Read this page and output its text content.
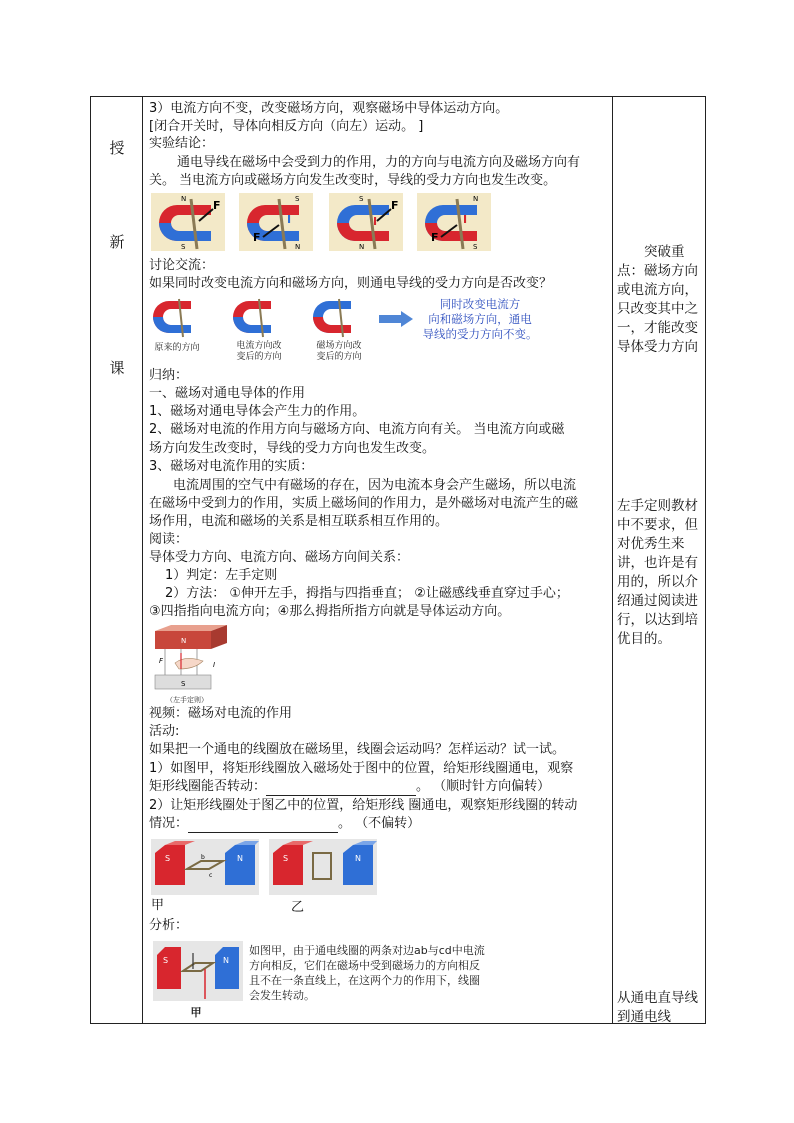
授
新
课
3）电流方向不变，改变磁场方向，观察磁场中导体运动方向。
[闭合开关时，导体向相反方向（向左）运动。 ]
实验结论：
通电导线在磁场中会受到力的作用，力的方向与电流方向及磁场方向有
关。 当电流方向或磁场方向发生改变时，导线的受力方向也发生改变。
F
N
S
F
I
S
N
F
I
S
N
F
I
N
S
讨论交流：
如果同时改变电流方向和磁场方向，则通电导线的受力方向是否改变？
原来的方向	电流方向改
变后的方向
磁场方向改
变后的方向
同时改变电流方
向和磁场方向，通电
导线的受力方向不变。
归纳：
一、磁场对通电导体的作用
1、磁场对通电导体会产生力的作用。
2、磁场对电流的作用方向与磁场方向、电流方向有关。 当电流方向或磁
场方向发生改变时，导线的受力方向也发生改变。
3、磁场对电流作用的实质：
电流周围的空气中有磁场的存在，因为电流本身会产生磁场，所以电流
在磁场中受到力的作用，实质上磁场间的作用力，是外磁场对电流产生的磁
场作用，电流和磁场的关系是相互联系相互作用的。
阅读：
导体受力方向、电流方向、磁场方向间关系：
1）判定：左手定则
2）方法： ①伸开左手，拇指与四指垂直； ②让磁感线垂直穿过手心；
③四指指向电流方向；④那么拇指所指方向就是导体运动方向。
N
S
F	I
（左手定则）
视频：磁场对电流的作用
活动:
如果把一个通电的线圈放在磁场里，线圈会运动吗？怎样运动？试一试。
1）如图甲，将矩形线圈放入磁场处于图中的位置，给矩形线圈通电，观察
矩形线圈能否转动：	。 （顺时针方向偏转）
2）让矩形线圈处于图乙中的位置，给矩形线 圈通电，观察矩形线圈的转动
情况：	。 （不偏转）
S	N
b
c
S	N
甲	乙
分析：
S	N
甲
如图甲，由于通电线圈的两条对边ab与cd中电流
方向相反，它们在磁场中受到磁场力的方向相反
且不在一条直线上，在这两个力的作用下，线圈
会发生转动。
突破重点：磁场方向或电流方向，只改变其中之一，才能改变导体受力方向
左手定则教材中不要求，但对优秀生来讲，也许是有用的，所以介绍通过阅读进行，以达到培优目的。
从通电直导线到通电线
